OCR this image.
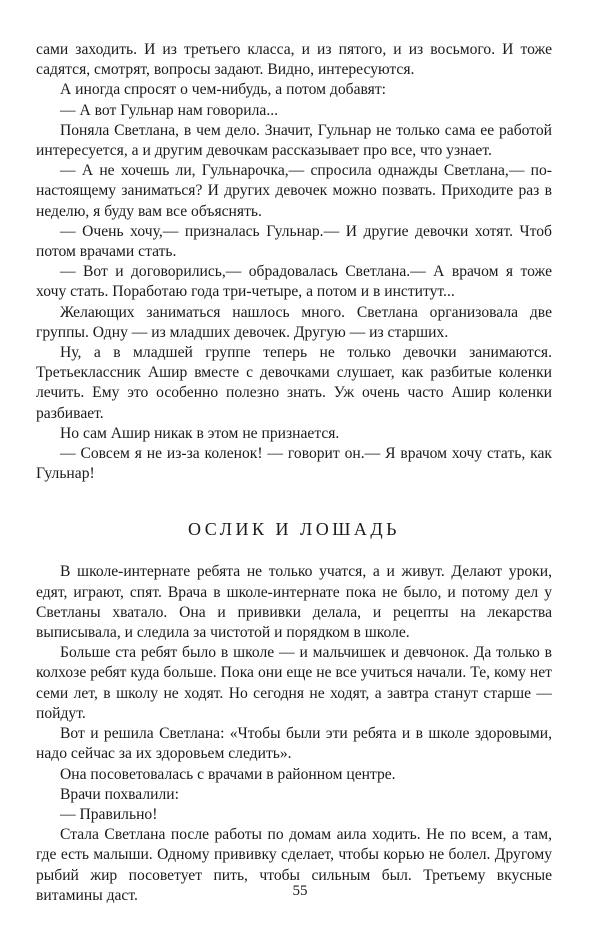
сами заходить. И из третьего класса, и из пятого, и из восьмого. И тоже садятся, смотрят, вопросы задают. Видно, интересуются.

А иногда спросят о чем-нибудь, а потом добавят:

— А вот Гульнар нам говорила...

Поняла Светлана, в чем дело. Значит, Гульнар не только сама ее работой интересуется, а и другим девочкам рассказывает про все, что узнает.

— А не хочешь ли, Гульнарочка,— спросила однажды Светлана,— по-настоящему заниматься? И других девочек можно позвать. Приходите раз в неделю, я буду вам все объяснять.

— Очень хочу,— призналась Гульнар.— И другие девочки хотят. Чтоб потом врачами стать.

— Вот и договорились,— обрадовалась Светлана.— А врачом я тоже хочу стать. Поработаю года три-четыре, а потом и в институт...

Желающих заниматься нашлось много. Светлана организовала две группы. Одну — из младших девочек. Другую — из старших.

Ну, а в младшей группе теперь не только девочки занимаются. Третьеклассник Ашир вместе с девочками слушает, как разбитые коленки лечить. Ему это особенно полезно знать. Уж очень часто Ашир коленки разбивает.

Но сам Ашир никак в этом не признается.

— Совсем я не из-за коленок! — говорит он.— Я врачом хочу стать, как Гульнар!

ОСЛИК И ЛОШАДЬ

В школе-интернате ребята не только учатся, а и живут. Делают уроки, едят, играют, спят. Врача в школе-интернате пока не было, и потому дел у Светланы хватало. Она и прививки делала, и рецепты на лекарства выписывала, и следила за чистотой и порядком в школе.

Больше ста ребят было в школе — и мальчишек и девчонок. Да только в колхозе ребят куда больше. Пока они еще не все учиться начали. Те, кому нет семи лет, в школу не ходят. Но сегодня не ходят, а завтра станут старше — пойдут.

Вот и решила Светлана: «Чтобы были эти ребята и в школе здоровыми, надо сейчас за их здоровьем следить».

Она посоветовалась с врачами в районном центре.

Врачи похвалили:

— Правильно!

Стала Светлана после работы по домам аила ходить. Не по всем, а там, где есть малыши. Одному прививку сделает, чтобы корью не болел. Другому рыбий жир посоветует пить, чтобы сильным был. Третьему вкусные витамины даст.	55
